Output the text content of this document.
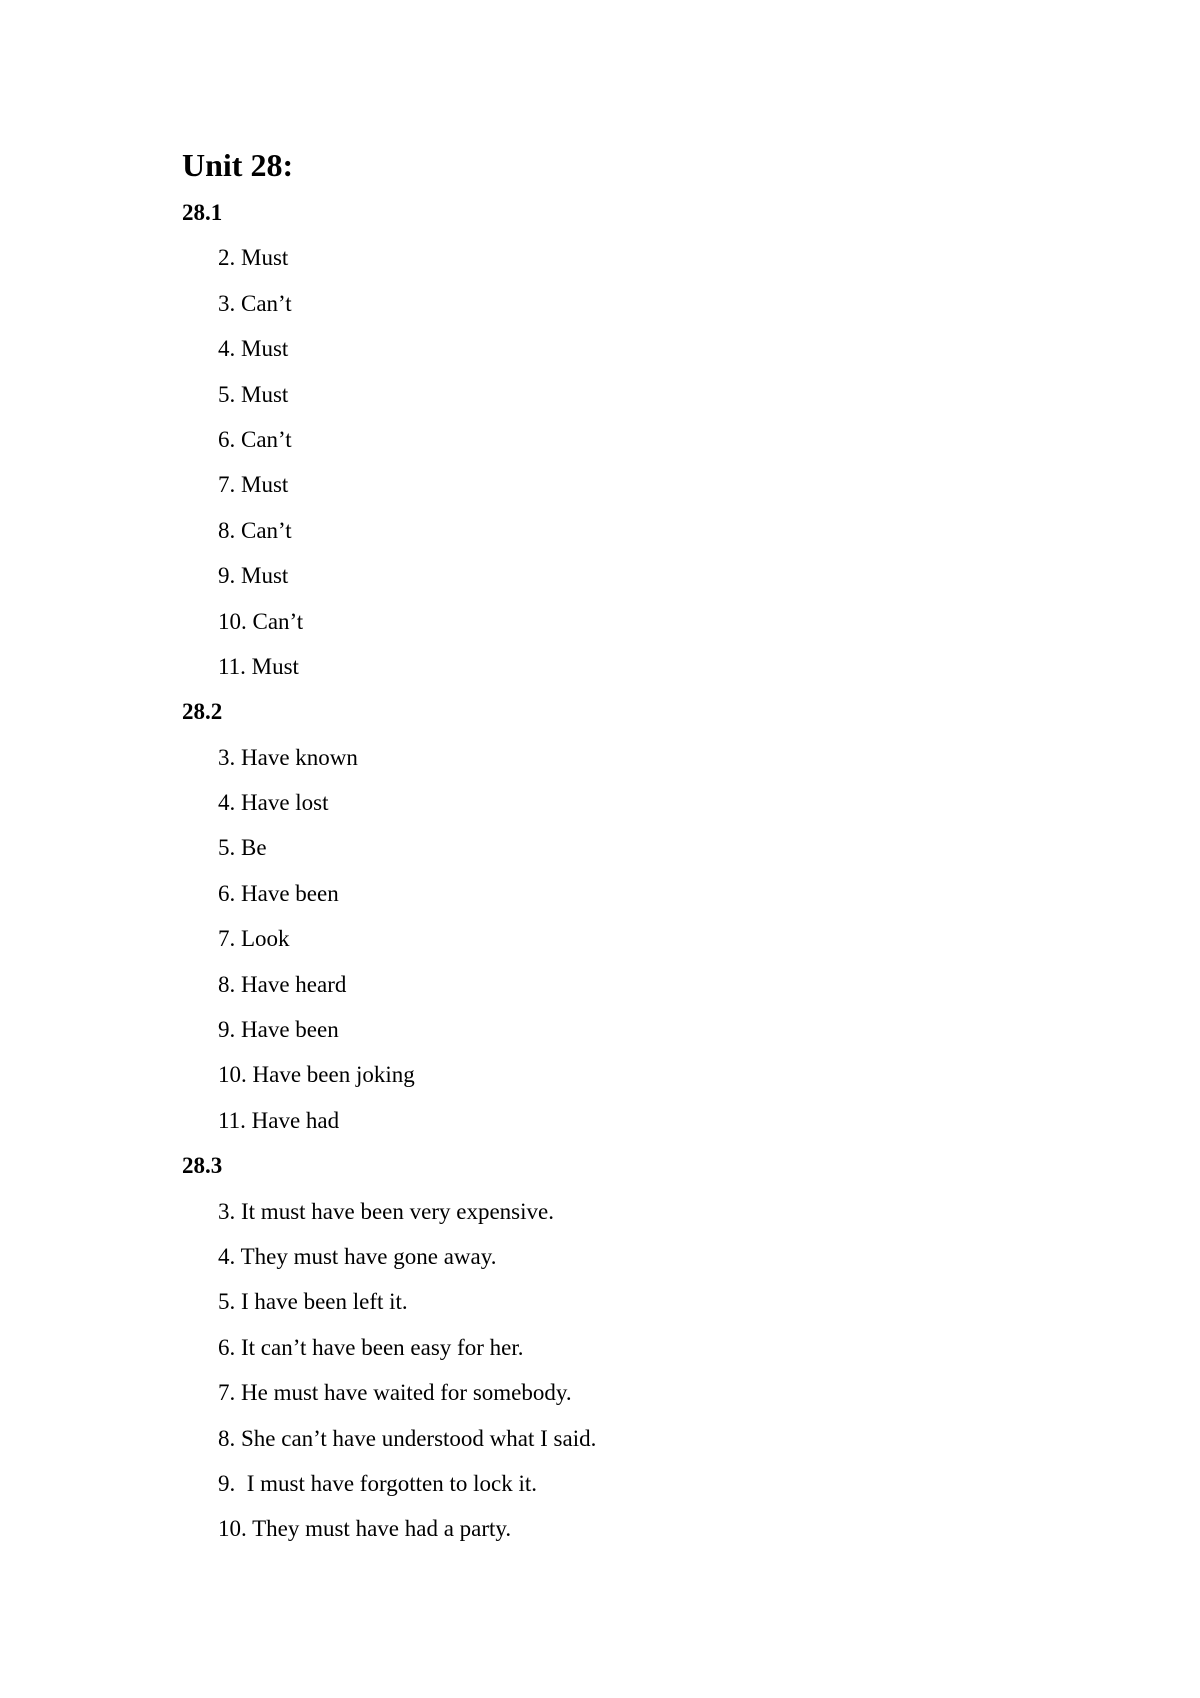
Unit 28:
28.1
2. Must
3. Can’t
4. Must
5. Must
6. Can’t
7. Must
8. Can’t
9. Must
10. Can’t
11. Must
28.2
3. Have known
4. Have lost
5. Be
6. Have been
7. Look
8. Have heard
9. Have been
10. Have been joking
11. Have had
28.3
3. It must have been very expensive.
4. They must have gone away.
5. I have been left it.
6. It can’t have been easy for her.
7. He must have waited for somebody.
8. She can’t have understood what I said.
9.  I must have forgotten to lock it.
10. They must have had a party.
